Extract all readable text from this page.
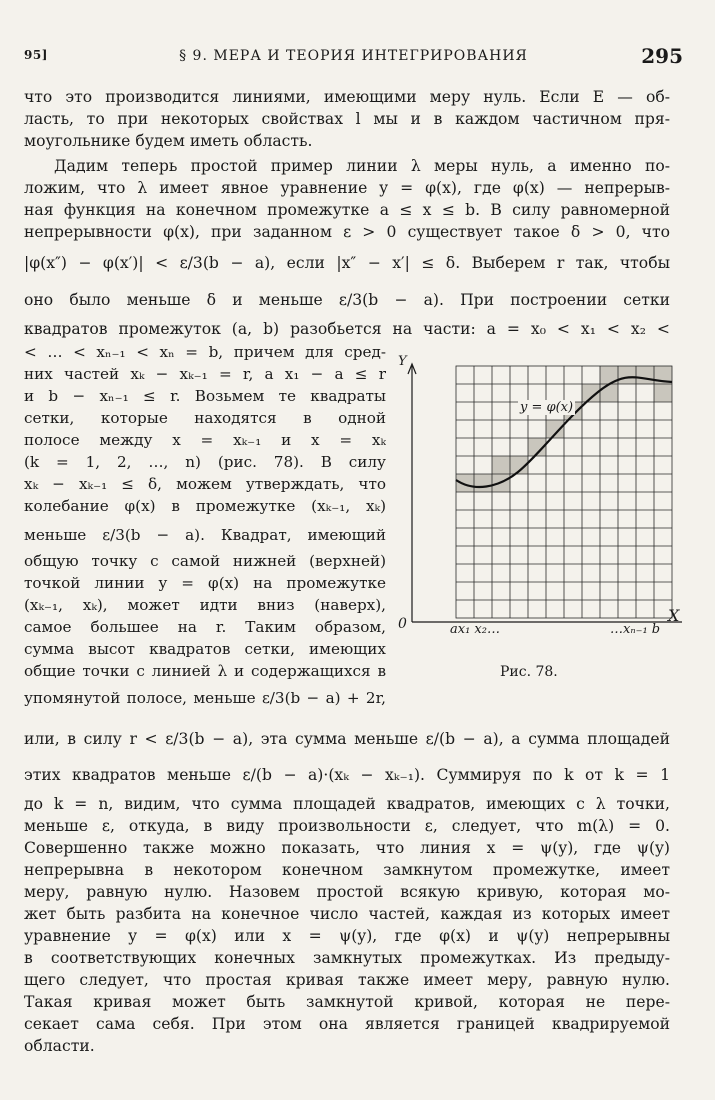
95]	§ 9. МЕРА И ТЕОРИЯ ИНТЕГРИРОВАНИЯ	295
что это производится линиями, имеющими меру нуль. Если E — об-
ласть, то при некоторых свойствах l мы и в каждом частичном пря-
моугольнике будем иметь область.
Дадим теперь простой пример линии λ меры нуль, а именно по-
ложим, что λ имеет явное уравнение y = φ(x), где φ(x) — непрерыв-
ная функция на конечном промежутке a ≤ x ≤ b. В силу равномерной
непрерывности φ(x), при заданном ε > 0 существует такое δ > 0, что
|φ(x″) − φ(x′)| < ε/3(b − a), если |x″ − x′| ≤ δ. Выберем r так, чтобы
оно было меньше δ и меньше ε/3(b − a). При построении сетки
квадратов промежуток (a, b) разобьется на части: a = x₀ < x₁ < x₂ <
< … < xₙ₋₁ < xₙ = b, причем для сред-
них частей xₖ − xₖ₋₁ = r, а x₁ − a ≤ r
и b − xₙ₋₁ ≤ r. Возьмем те квадраты
сетки, которые находятся в одной
полосе между x = xₖ₋₁ и x = xₖ
(k = 1, 2, …, n) (рис. 78). В силу
xₖ − xₖ₋₁ ≤ δ, можем утверждать, что
колебание φ(x) в промежутке (xₖ₋₁, xₖ)
меньше ε/3(b − a). Квадрат, имеющий
общую точку с самой нижней (верхней)
точкой линии y = φ(x) на промежутке
(xₖ₋₁, xₖ), может идти вниз (наверх),
самое большее на r. Таким образом,
сумма высот квадратов сетки, имеющих
общие точки с линией λ и содержащихся в
упомянутой полосе, меньше ε/3(b − a) + 2r,
Y
X
0
y = φ(x)
ax₁ x₂…	…xₙ₋₁ b
Рис. 78.
или, в силу r < ε/3(b − a), эта сумма меньше ε/(b − a), а сумма площадей
этих квадратов меньше ε/(b − a)·(xₖ − xₖ₋₁). Суммируя по k от k = 1
до k = n, видим, что сумма площадей квадратов, имеющих с λ точки,
меньше ε, откуда, в виду произвольности ε, следует, что m(λ) = 0.
Совершенно также можно показать, что линия x = ψ(y), где ψ(y)
непрерывна в некотором конечном замкнутом промежутке, имеет
меру, равную нулю. Назовем простой всякую кривую, которая мо-
жет быть разбита на конечное число частей, каждая из которых имеет
уравнение y = φ(x) или x = ψ(y), где φ(x) и ψ(y) непрерывны
в соответствующих конечных замкнутых промежутках. Из предыду-
щего следует, что простая кривая также имеет меру, равную нулю.
Такая кривая может быть замкнутой кривой, которая не пере-
секает сама себя. При этом она является границей квадрируемой
области.
